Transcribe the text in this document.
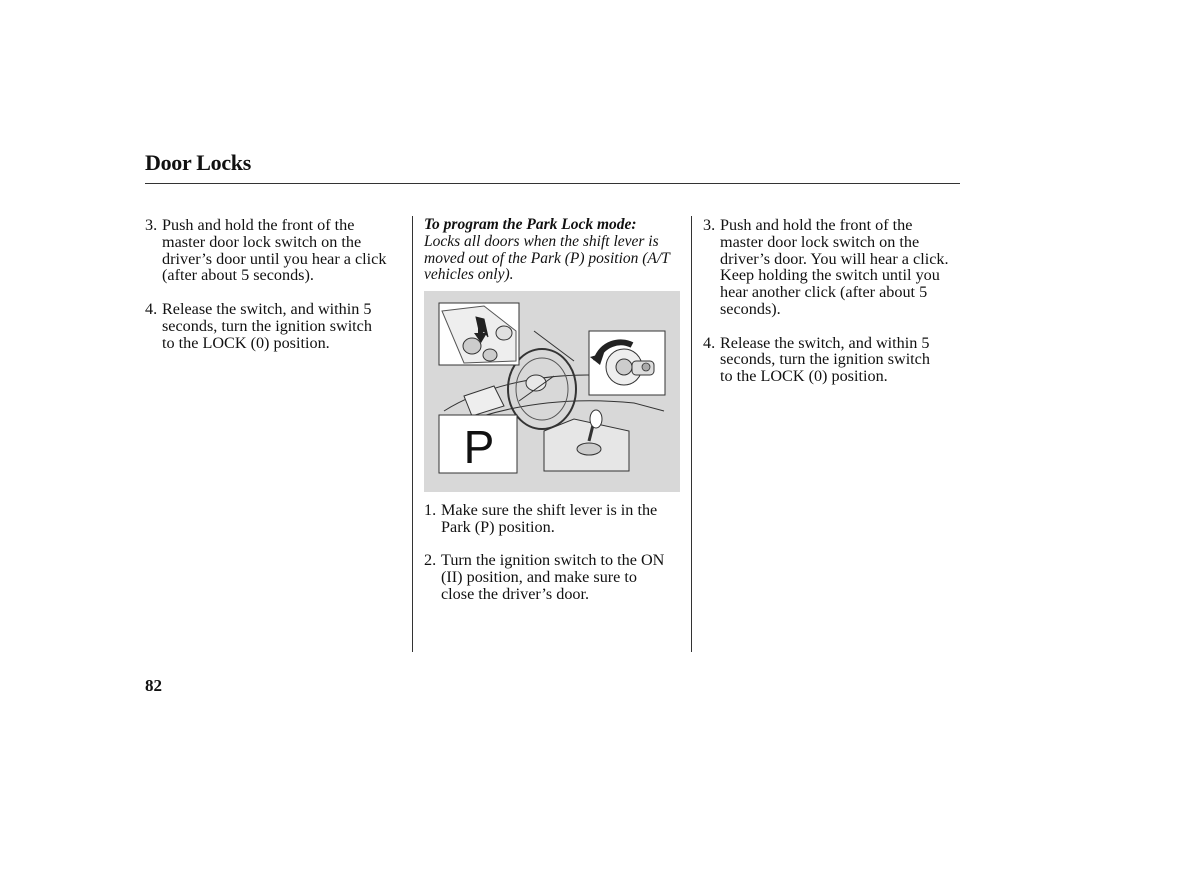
Door Locks
3. Push and hold the front of the
master door lock switch on the
driver’s door until you hear a click
(after about 5 seconds).
4. Release the switch, and within 5
seconds, turn the ignition switch
to the LOCK (0) position.
To program the Park Lock mode:
Locks all doors when the shift lever is
moved out of the Park (P) position (A/T
vehicles only).
P
1. Make sure the shift lever is in the
Park (P) position.
2. Turn the ignition switch to the ON
(II) position, and make sure to
close the driver’s door.
3. Push and hold the front of the
master door lock switch on the
driver’s door. You will hear a click.
Keep holding the switch until you
hear another click (after about 5
seconds).
4. Release the switch, and within 5
seconds, turn the ignition switch
to the LOCK (0) position.
82
